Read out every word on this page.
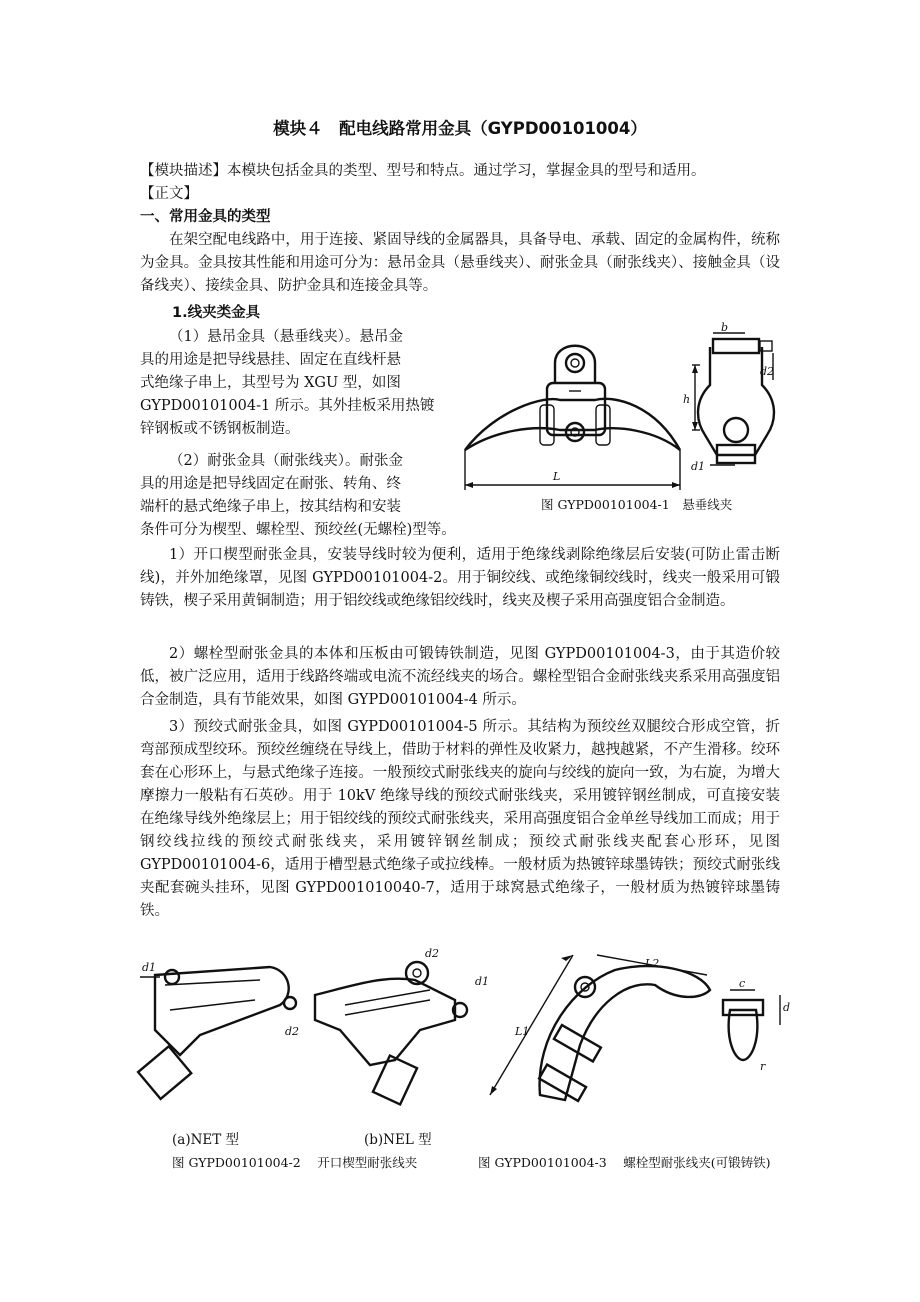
模块４　配电线路常用金具（GYPD00101004）
【模块描述】本模块包括金具的类型、型号和特点。通过学习，掌握金具的型号和适用。
【正文】
一、常用金具的类型
在架空配电线路中，用于连接、紧固导线的金属器具，具备导电、承载、固定的金属构件，统称为金具。金具按其性能和用途可分为：悬吊金具（悬垂线夹）、耐张金具（耐张线夹）、接触金具（设备线夹）、接续金具、防护金具和连接金具等。
1.线夹类金具
（1）悬吊金具（悬垂线夹）。悬吊金
具的用途是把导线悬挂、固定在直线杆悬
式绝缘子串上，其型号为 XGU 型，如图
GYPD00101004-1 所示。其外挂板采用热镀
锌钢板或不锈钢板制造。
（2）耐张金具（耐张线夹）。耐张金
具的用途是把导线固定在耐张、转角、终
端杆的悬式绝缘子串上，按其结构和安装
条件可分为楔型、螺栓型、预绞丝(无螺栓)型等。
L
h
b
d2
d1
图 GYPD00101004-1　悬垂线夹
1）开口楔型耐张金具，安装导线时较为便利，适用于绝缘线剥除绝缘层后安装(可防止雷击断线)，并外加绝缘罩，见图 GYPD00101004-2。用于铜绞线、或绝缘铜绞线时，线夹一般采用可锻铸铁，楔子采用黄铜制造；用于铝绞线或绝缘铝绞线时，线夹及楔子采用高强度铝合金制造。
2）螺栓型耐张金具的本体和压板由可锻铸铁制造，见图 GYPD00101004-3，由于其造价较低，被广泛应用，适用于线路终端或电流不流经线夹的场合。螺栓型铝合金耐张线夹系采用高强度铝合金制造，具有节能效果，如图 GYPD00101004-4 所示。
3）预绞式耐张金具，如图 GYPD00101004-5 所示。其结构为预绞丝双腿绞合形成空管，折弯部预成型绞环。预绞丝缠绕在导线上，借助于材料的弹性及收紧力，越拽越紧，不产生滑移。绞环套在心形环上，与悬式绝缘子连接。一般预绞式耐张线夹的旋向与绞线的旋向一致，为右旋，为增大摩擦力一般粘有石英砂。用于 10kV 绝缘导线的预绞式耐张线夹，采用镀锌钢丝制成，可直接安装在绝缘导线外绝缘层上；用于铝绞线的预绞式耐张线夹，采用高强度铝合金单丝导线加工而成；用于钢绞线拉线的预绞式耐张线夹，采用镀锌钢丝制成；预绞式耐张线夹配套心形环，见图 GYPD00101004-6，适用于槽型悬式绝缘子或拉线棒。一般材质为热镀锌球墨铸铁；预绞式耐张线夹配套碗头挂环，见图 GYPD001010040-7，适用于球窝悬式绝缘子，一般材质为热镀锌球墨铸铁。
d1
d2
d2
d1
(a)NET 型	(b)NEL 型
图 GYPD00101004-2　 开口楔型耐张线夹
L1
L2
c
d
r
图 GYPD00101004-3　 螺栓型耐张线夹(可锻铸铁)
